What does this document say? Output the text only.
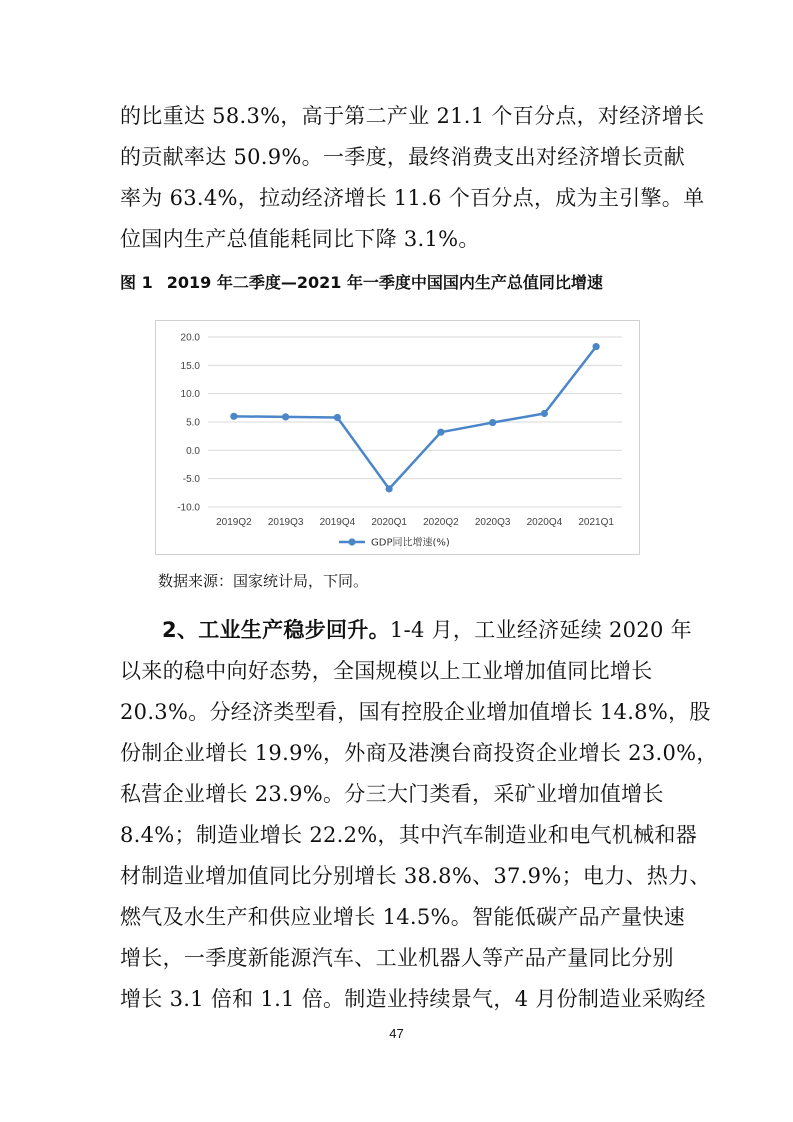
的比重达 58.3%，高于第二产业 21.1 个百分点，对经济增长
的贡献率达 50.9%。一季度，最终消费支出对经济增长贡献
率为 63.4%，拉动经济增长 11.6 个百分点，成为主引擎。单
位国内生产总值能耗同比下降 3.1%。
图 1 2019 年二季度—2021 年一季度中国国内生产总值同比增速
20.0
15.0
10.0
5.0
0.0
-5.0
-10.0
2019Q2 2019Q3 2019Q4 2020Q1 2020Q2 2020Q3 2020Q4 2021Q1
GDP同比增速(%)
数据来源：国家统计局，下同。
2、工业生产稳步回升。1-4 月，工业经济延续 2020 年
以来的稳中向好态势，全国规模以上工业增加值同比增长
20.3%。分经济类型看，国有控股企业增加值增长 14.8%，股
份制企业增长 19.9%，外商及港澳台商投资企业增长 23.0%，
私营企业增长 23.9%。分三大门类看，采矿业增加值增长
8.4%；制造业增长 22.2%，其中汽车制造业和电气机械和器
材制造业增加值同比分别增长 38.8%、37.9%；电力、热力、
燃气及水生产和供应业增长 14.5%。智能低碳产品产量快速
增长，一季度新能源汽车、工业机器人等产品产量同比分别
增长 3.1 倍和 1.1 倍。制造业持续景气，4 月份制造业采购经
47
